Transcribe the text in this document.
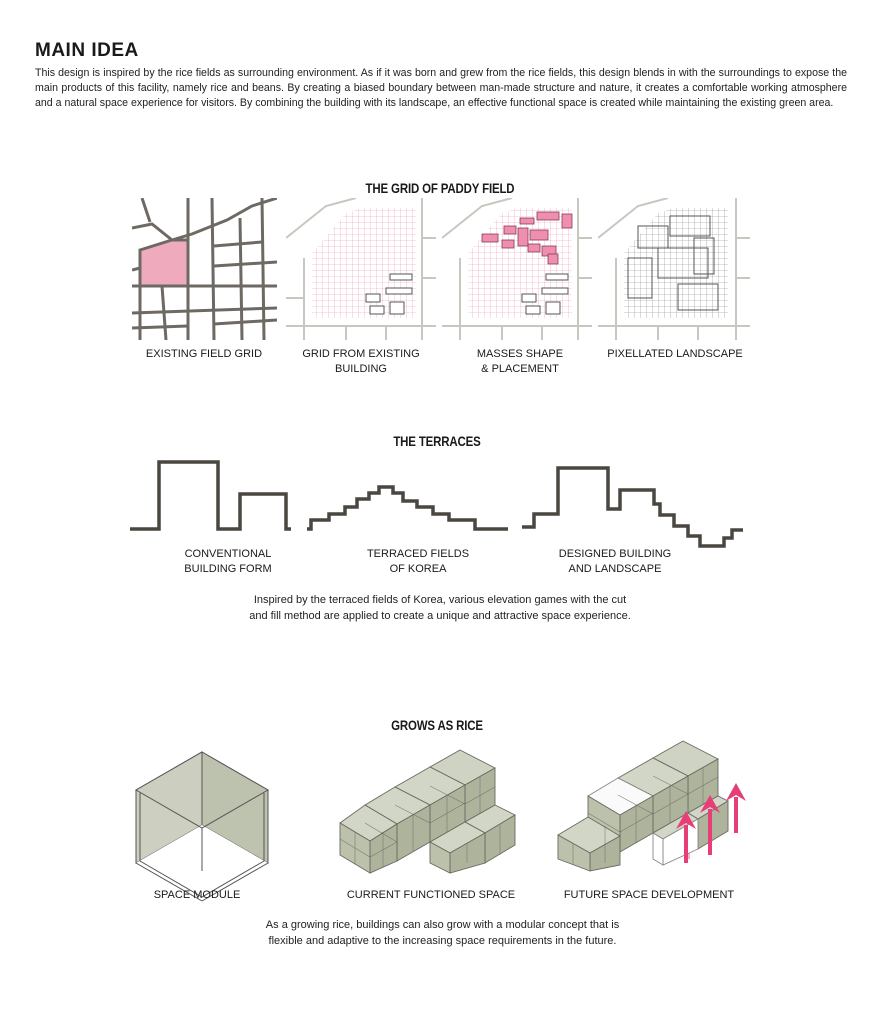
MAIN IDEA
This design is inspired by the rice fields as surrounding environment. As if it was born and grew from the rice fields, this design blends in with the surroundings to expose the main products of this facility, namely rice and beans. By creating a biased boundary between man-made structure and nature, it creates a comfortable working atmosphere and a natural space experience for visitors. By combining the building with its landscape, an effective functional space is created while maintaining the existing green area.
THE GRID OF PADDY FIELD
EXISTING FIELD GRID	GRID FROM EXISTING BUILDING
MASSES SHAPE
& PLACEMENT
PIXELLATED LANDSCAPE
THE TERRACES
CONVENTIONAL
BUILDING FORM
TERRACED FIELDS
OF KOREA
DESIGNED BUILDING
AND LANDSCAPE
Inspired by the terraced fields of Korea, various elevation games with the cut
and fill method are applied to create a unique and attractive space experience.
GROWS AS RICE
SPACE MODULE	CURRENT FUNCTIONED SPACE	FUTURE SPACE DEVELOPMENT
As a growing rice, buildings can also grow with a modular concept that is
flexible and adaptive to the increasing space requirements in the future.
